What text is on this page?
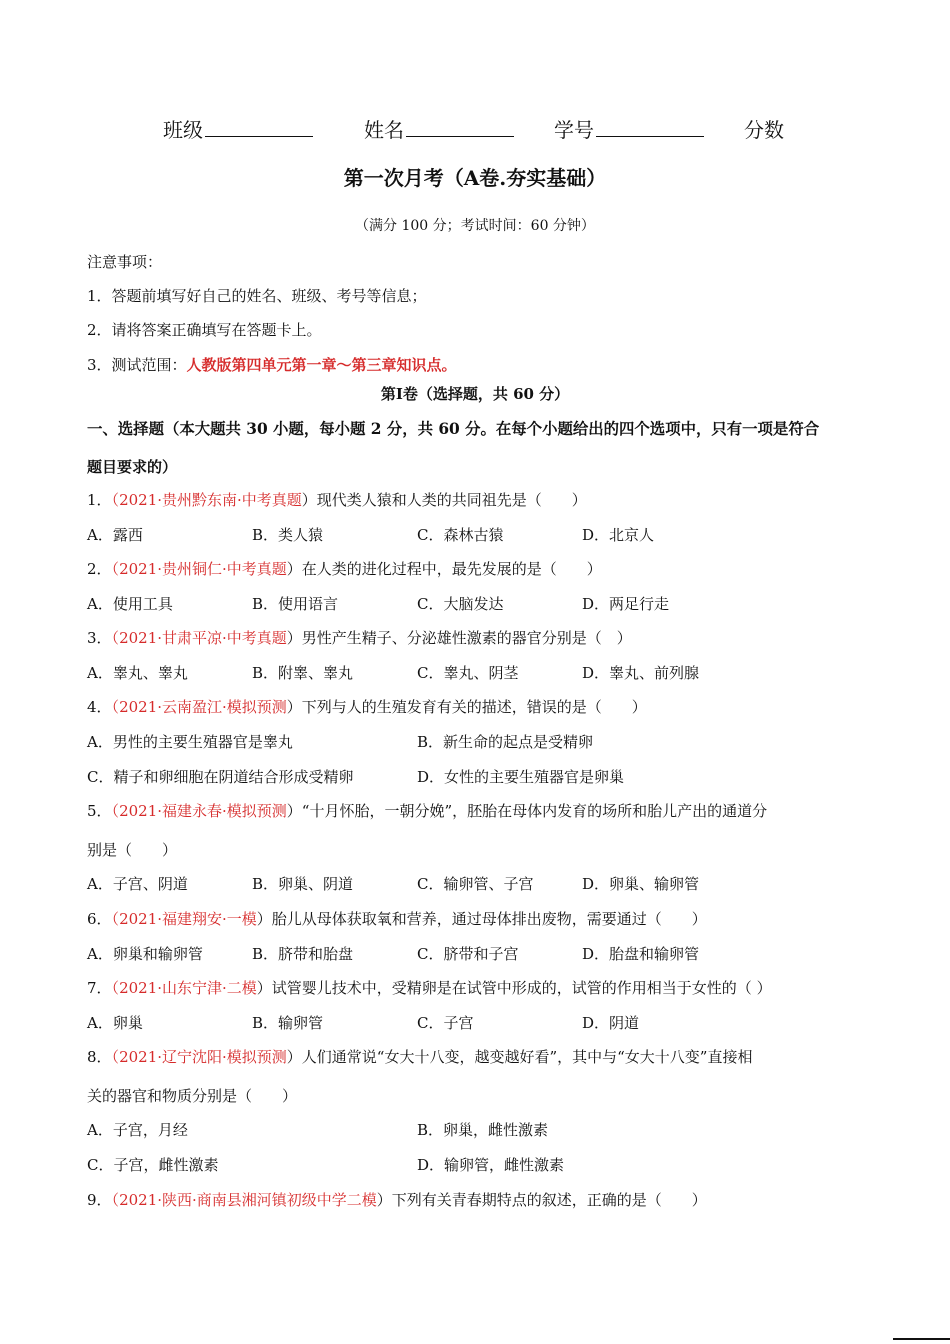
班级	姓名	学号	分数
第一次月考（A卷.夯实基础）
（满分 100 分；考试时间：60 分钟）
注意事项：
1．答题前填写好自己的姓名、班级、考号等信息；
2．请将答案正确填写在答题卡上。
3．测试范围：人教版第四单元第一章～第三章知识点。
第Ⅰ卷（选择题，共 60 分）
一、选择题（本大题共 30 小题，每小题 2 分，共 60 分。在每个小题给出的四个选项中，只有一项是符合
题目要求的）
1．（2021·贵州黔东南·中考真题）现代类人猿和人类的共同祖先是（　　）
A．露西	B．类人猿	C．森林古猿	D．北京人
2．（2021·贵州铜仁·中考真题）在人类的进化过程中，最先发展的是（　　）
A．使用工具	B．使用语言	C．大脑发达	D．两足行走
3．（2021·甘肃平凉·中考真题）男性产生精子、分泌雄性激素的器官分别是（　）
A．睾丸、睾丸	B．附睾、睾丸	C．睾丸、阴茎	D．睾丸、前列腺
4．（2021·云南盈江·模拟预测）下列与人的生殖发育有关的描述，错误的是（　　）
A．男性的主要生殖器官是睾丸	B．新生命的起点是受精卵
C．精子和卵细胞在阴道结合形成受精卵	D．女性的主要生殖器官是卵巢
5．（2021·福建永春·模拟预测）“十月怀胎，一朝分娩”，胚胎在母体内发育的场所和胎儿产出的通道分
别是（　　）
A．子宫、阴道	B．卵巢、阴道	C．输卵管、子宫	D．卵巢、输卵管
6．（2021·福建翔安·一模）胎儿从母体获取氧和营养，通过母体排出废物，需要通过（　　）
A．卵巢和输卵管	B．脐带和胎盘	C．脐带和子宫	D．胎盘和输卵管
7．（2021·山东宁津·二模）试管婴儿技术中，受精卵是在试管中形成的，试管的作用相当于女性的（ ）
A．卵巢	B．输卵管	C．子宫	D．阴道
8．（2021·辽宁沈阳·模拟预测）人们通常说“女大十八变，越变越好看”，其中与“女大十八变”直接相
关的器官和物质分别是（　　）
A．子宫，月经	B．卵巢，雌性激素
C．子宫，雌性激素	D．输卵管，雌性激素
9．（2021·陕西·商南县湘河镇初级中学二模）下列有关青春期特点的叙述，正确的是（　　）
